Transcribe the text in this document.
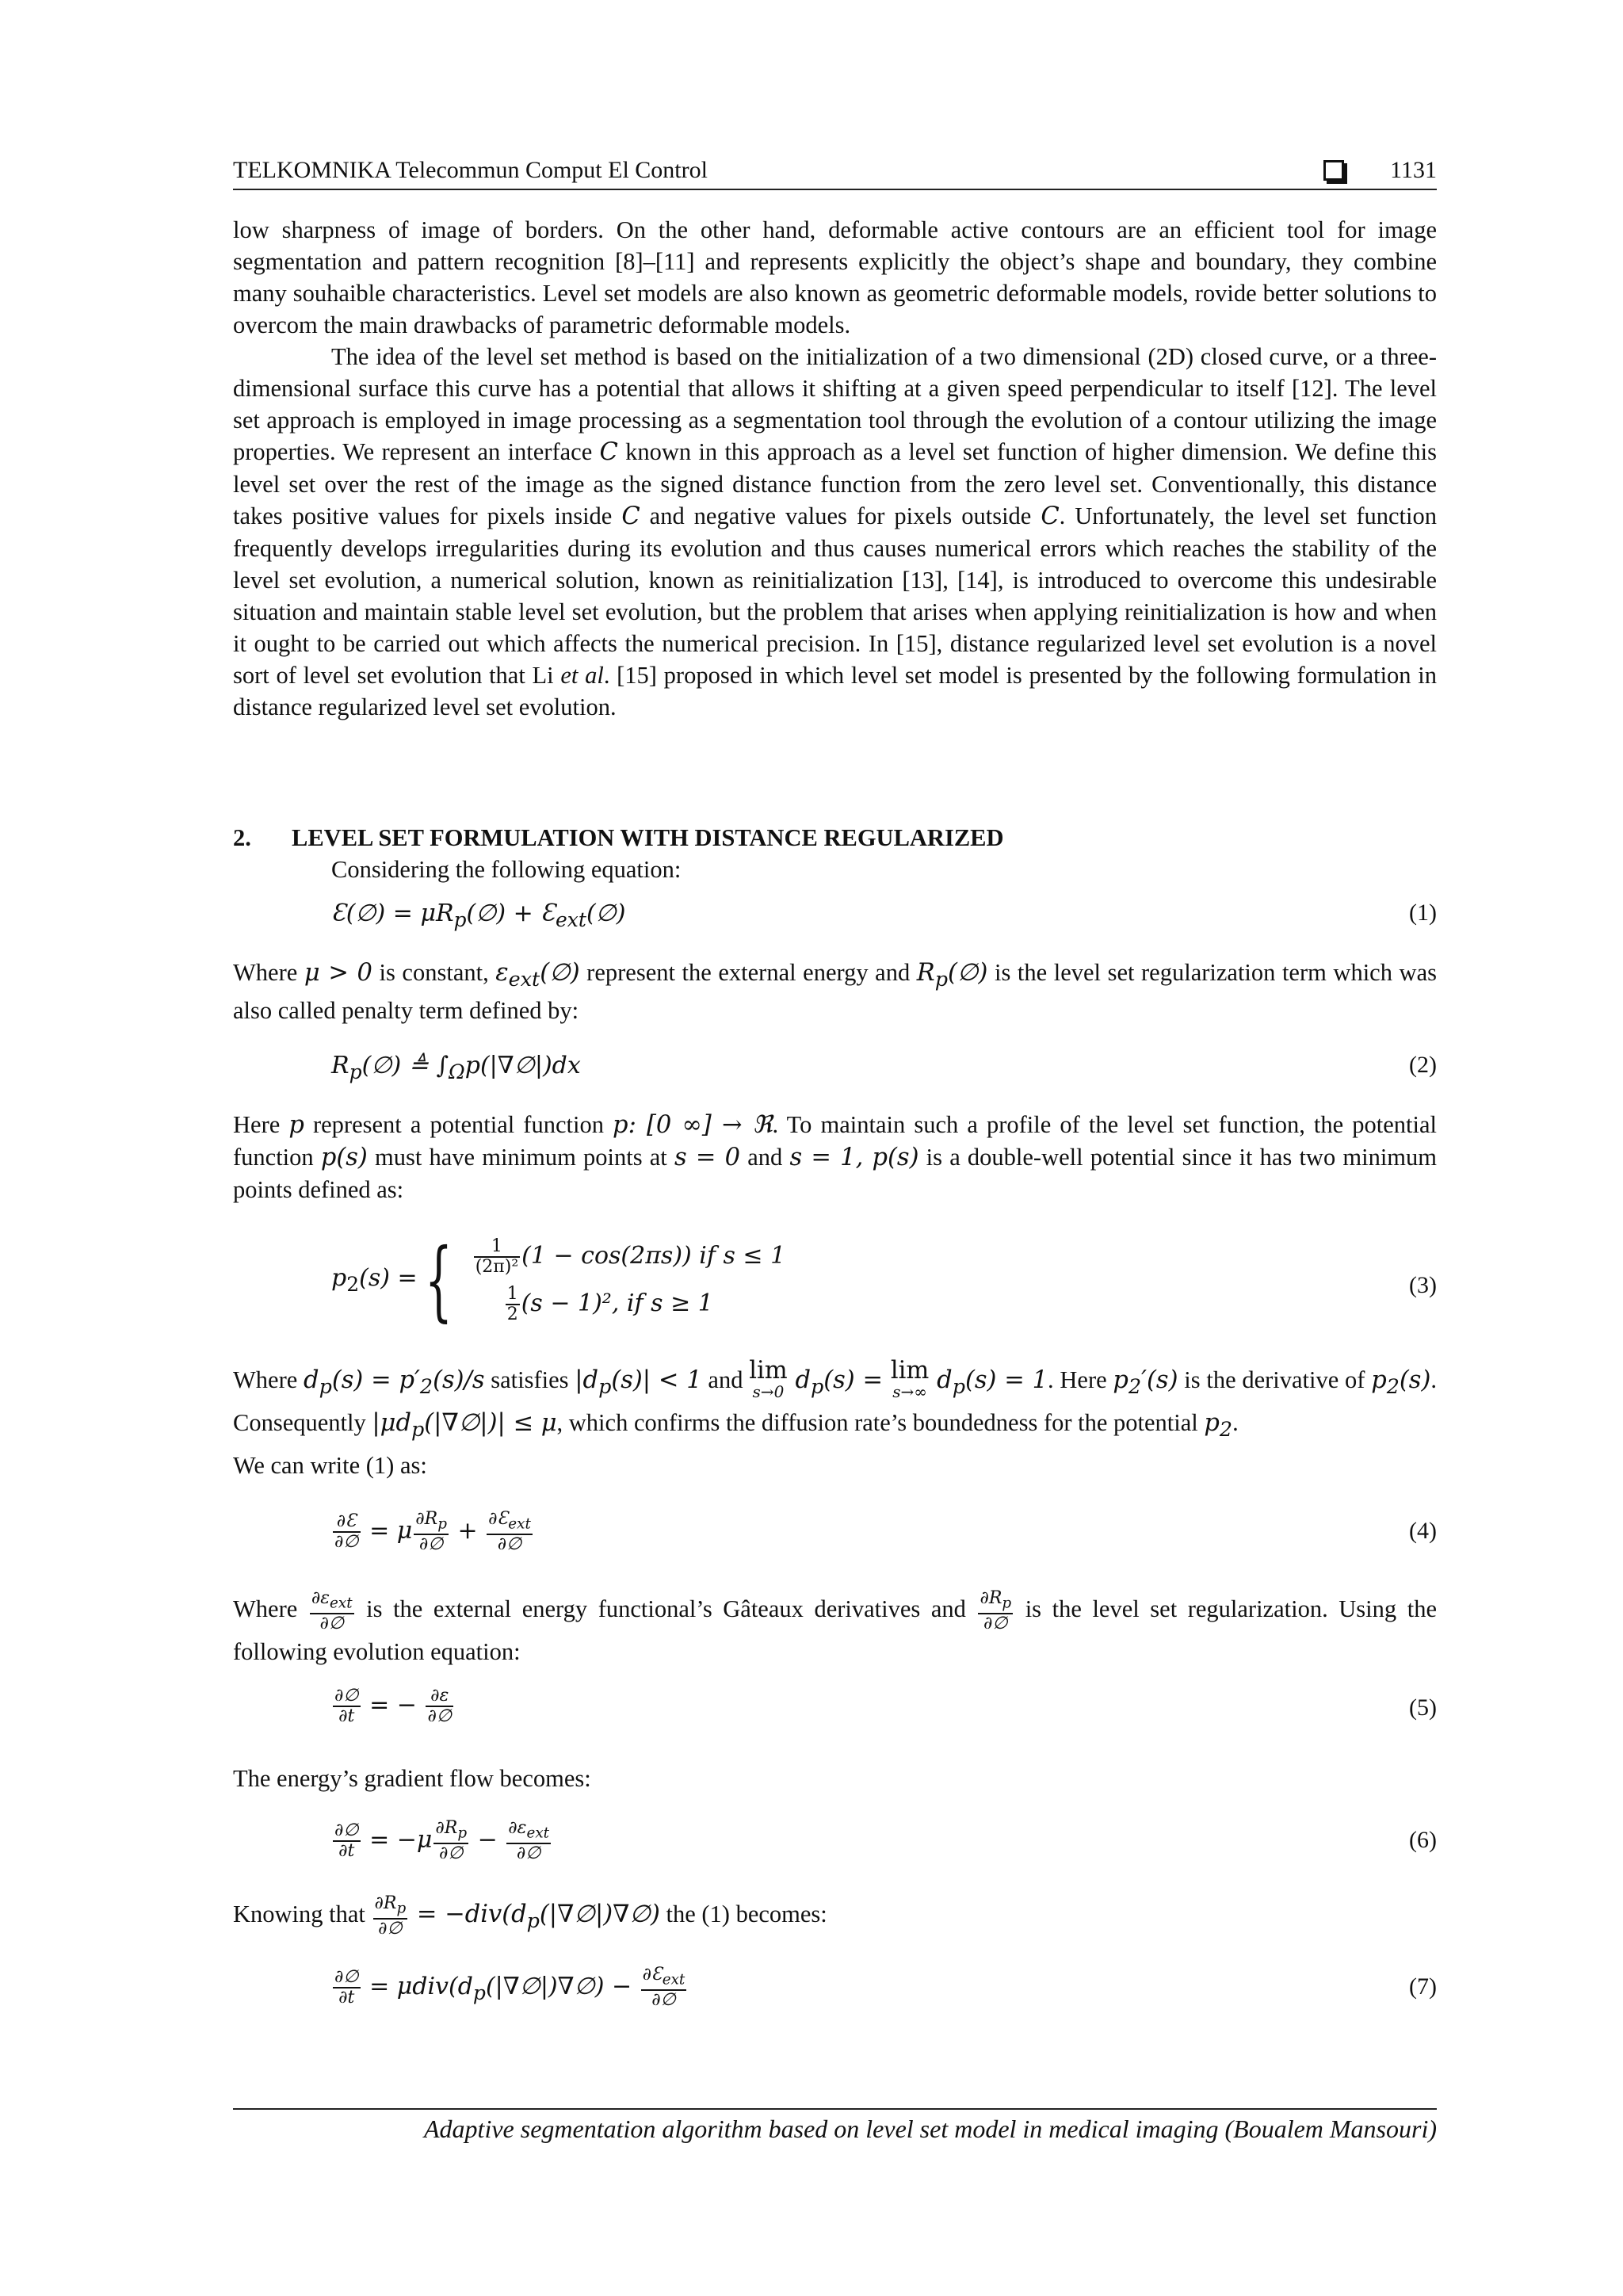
TELKOMNIKA Telecommun Comput El Control	1131

low sharpness of image of borders. On the other hand, deformable active contours are an efficient tool for image segmentation and pattern recognition [8]–[11] and represents explicitly the object’s shape and boundary, they combine many souhaible characteristics. Level set models are also known as geometric deformable models, rovide better solutions to overcom the main drawbacks of parametric deformable models.

The idea of the level set method is based on the initialization of a two dimensional (2D) closed curve, or a three-dimensional surface this curve has a potential that allows it shifting at a given speed perpendicular to itself [12]. The level set approach is employed in image processing as a segmentation tool through the evolution of a contour utilizing the image properties. We represent an interface C known in this approach as a level set function of higher dimension. We define this level set over the rest of the image as the signed distance function from the zero level set. Conventionally, this distance takes positive values for pixels inside C and negative values for pixels outside C. Unfortunately, the level set function frequently develops irregularities during its evolution and thus causes numerical errors which reaches the stability of the level set evolution, a numerical solution, known as reinitialization [13], [14], is introduced to overcome this undesirable situation and maintain stable level set evolution, but the problem that arises when applying reinitialization is how and when it ought to be carried out which affects the numerical precision. In [15], distance regularized level set evolution is a novel sort of level set evolution that Li et al. [15] proposed in which level set model is presented by the following formulation in distance regularized level set evolution.

2. LEVEL SET FORMULATION WITH DISTANCE REGULARIZED

Considering the following equation:

Ɛ(∅) = $\mu R_p(\emptyset)$ + $Ɛ_{ext}(\emptyset)$	(1)
Where μ > 0 is constant, $\varepsilon_{ext}(\emptyset)$ represent the external energy and $R_p(\emptyset)$ is the level set regularization term which was also called penalty term defined by:
$R_p(\emptyset)$ ≜ $\int_\Omega p(|\nabla\emptyset|)dx$	(2)
Here p represent a potential function p: [0 ∞] → ℜ. To maintain such a profile of the level set function, the potential function p(s) must have minimum points at s = 0 and s = 1, p(s) is a double-well potential since it has two minimum points defined as:
$p_2(s)$ = { $\frac{1}{\text{(2π)²}} (1 - \cos(2\pi s))$ if s ≤ 1
$\frac{1}{2} (s - 1)^2$, if s ≥ 1
(3)
Where $d_p(s) = p'_2(s)/s$ satisfies $|d_p(s)| < 1$ and lim
s→0 $d_p(s) = \lim$
s→∞ $d_p(s) = 1$. Here $p_2'(s)$ is the derivative of $p_2(s)$. Consequently $|\mu d_p(|\nabla\emptyset|)| \le \mu$, which confirms the diffusion rate’s boundedness for the potential $p_2$.
We can write (1) as:
$\frac{\partial Ɛ}{\partial\emptyset} = \mu \frac{\partial R_p}{\partial\emptyset} + \frac{\partial Ɛ_{ext}}{\partial\emptyset}$	(4)
Where $\frac{\partial\varepsilon_{ext}}{\partial\emptyset}$ is the external energy functional’s Gâteaux derivatives and $\frac{\partial R_p}{\partial\emptyset}$ is the level set regularization. Using the following evolution equation:
$\frac{\partial\emptyset}{\partial t}$ = − $\frac{\partial\varepsilon}{\partial\emptyset}$	(5)
The energy’s gradient flow becomes:
$\frac{\partial\emptyset}{\partial t} = -\mu \frac{\partial R_p}{\partial\emptyset} - \frac{\partial\varepsilon_{ext}}{\partial\emptyset}$	(6)
Knowing that $\frac{\partial R_p}{\partial\emptyset}$ = $-div(d_p(|\nabla\emptyset|)\nabla\emptyset)$ the (1) becomes:
$\frac{\partial\emptyset}{\partial t}$ = $\mu div(d_p(|\nabla\emptyset|)\nabla\emptyset) - \frac{\partial Ɛ_{ext}}{\partial\emptyset}$	(7)
Adaptive segmentation algorithm based on level set model in medical imaging (Boualem Mansouri)
